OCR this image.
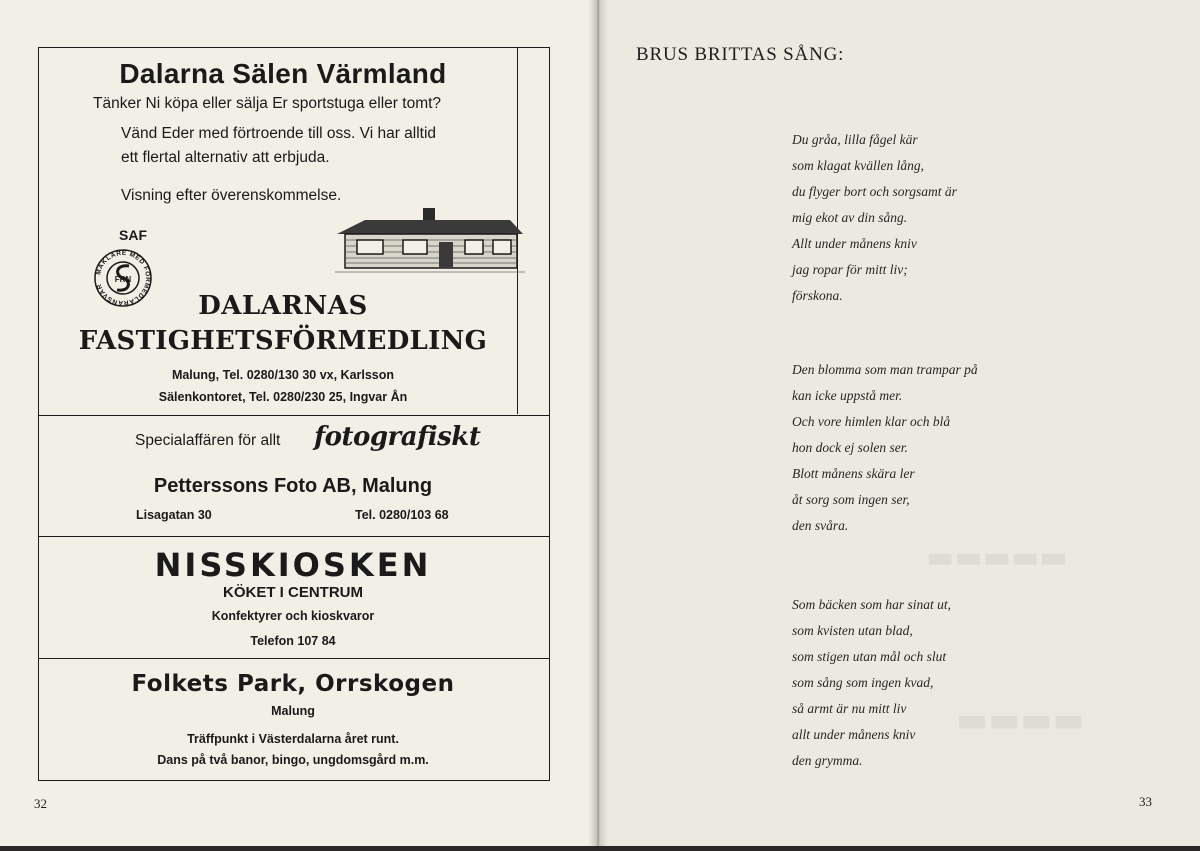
Dalarna Sälen Värmland
Tänker Ni köpa eller sälja Er sportstuga eller tomt?
Vänd Eder med förtroende till oss. Vi har alltid
ett flertal alternativ att erbjuda.
Visning efter överenskommelse.
SAF
FRN
MÄKLARE MED FÖRMEDLARANSVAR
DALARNAS
FASTIGHETSFÖRMEDLING
Malung, Tel. 0280/130 30 vx, Karlsson
Sälenkontoret, Tel. 0280/230 25, Ingvar Ån
Specialaffären för allt fotografiskt
Petterssons Foto AB, Malung
Lisagatan 30	Tel. 0280/103 68
NISSKIOSKEN
KÖKET I CENTRUM
Konfektyrer och kioskvaror
Telefon 107 84
Folkets Park, Orrskogen
Malung
Träffpunkt i Västerdalarna året runt.
Dans på två banor, bingo, ungdomsgård m.m.
32
▬▬▬▬▬
▬▬▬▬
BRUS BRITTAS SÅNG:
Du gråa, lilla fågel kär
som klagat kvällen lång,
du flyger bort och sorgsamt är
mig ekot av din sång.
Allt under månens kniv
jag ropar för mitt liv;
förskona.
Den blomma som man trampar på
kan icke uppstå mer.
Och vore himlen klar och blå
hon dock ej solen ser.
Blott månens skära ler
åt sorg som ingen ser,
den svåra.
Som bäcken som har sinat ut,
som kvisten utan blad,
som stigen utan mål och slut
som sång som ingen kvad,
så armt är nu mitt liv
allt under månens kniv
den grymma.
33
